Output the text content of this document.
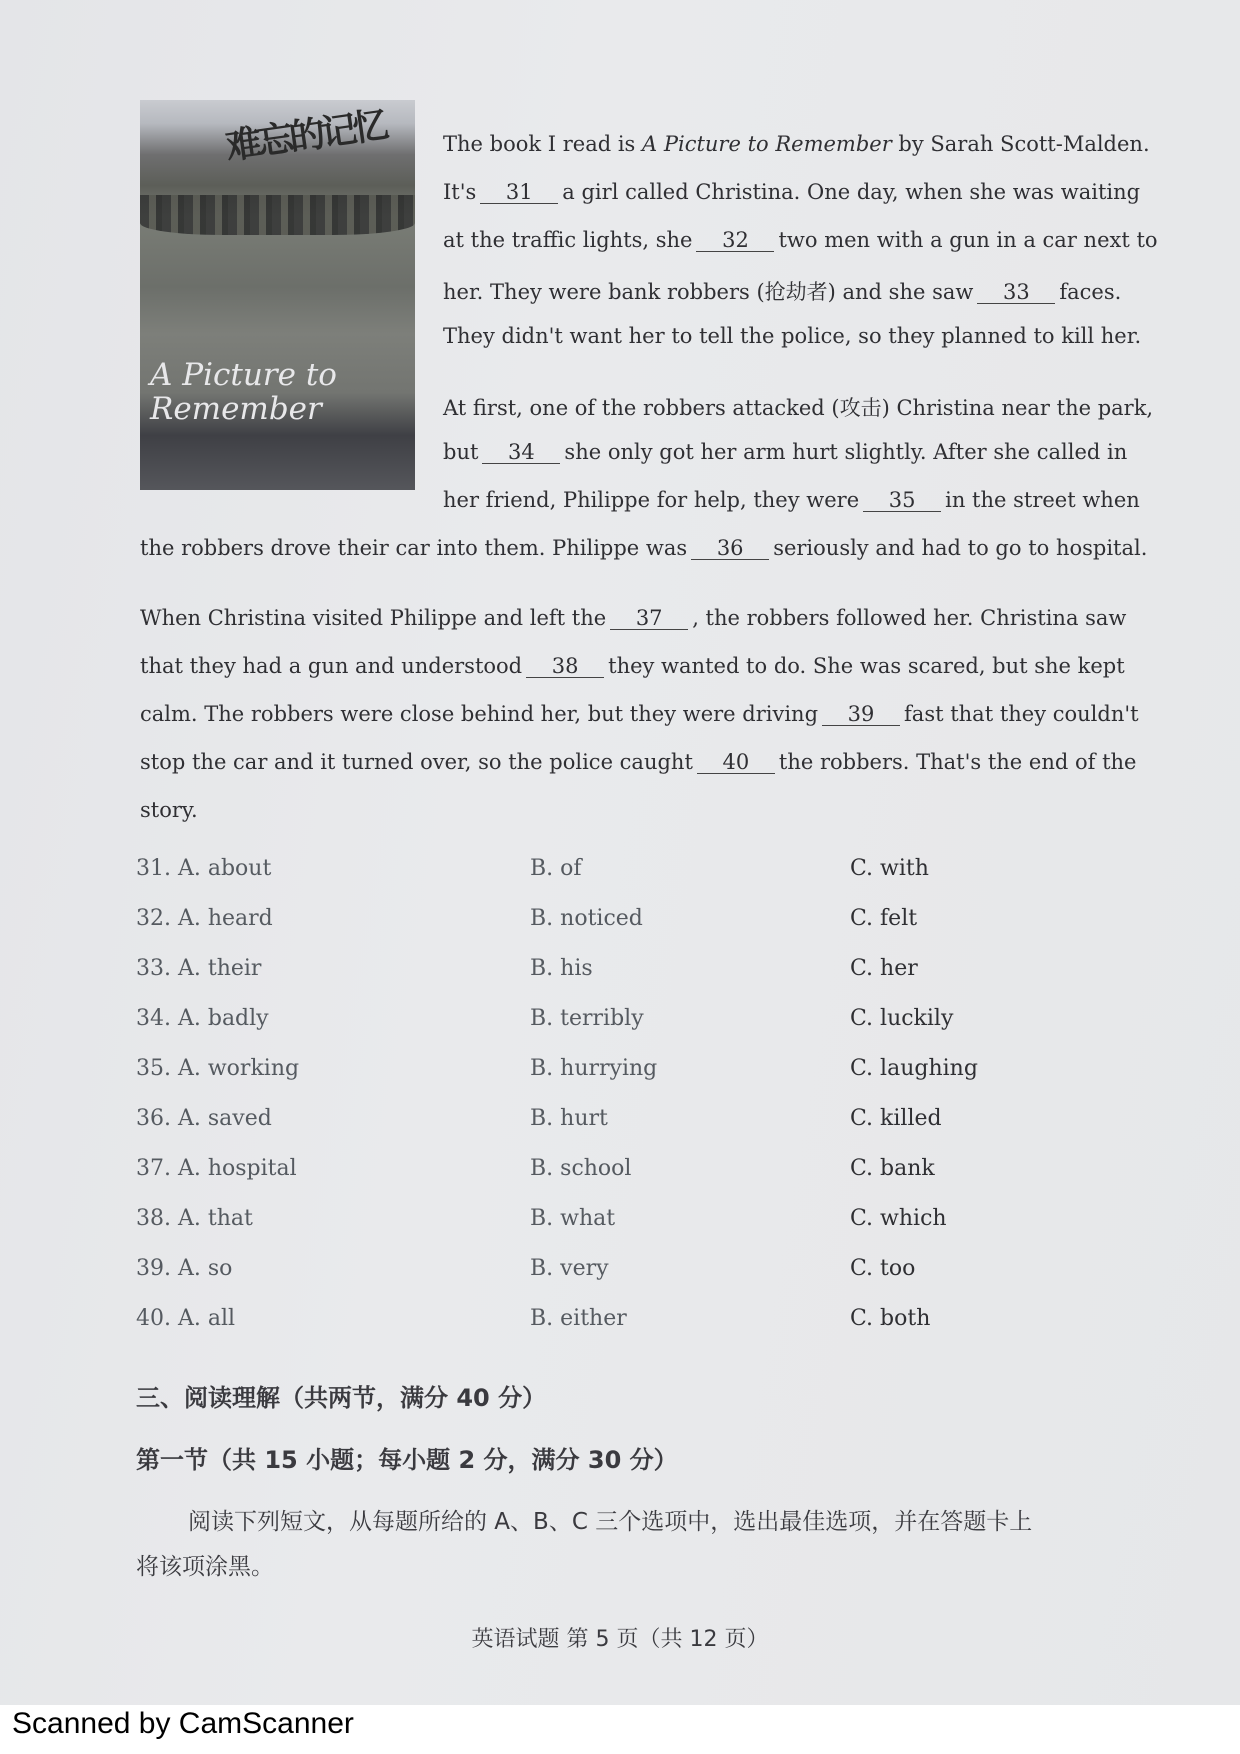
难忘的记忆
A Picture to
Remember
The book I read is A Picture to Remember by Sarah Scott-Malden.
It's 31 a girl called Christina. One day, when she was waiting
at the traffic lights, she 32 two men with a gun in a car next to
her. They were bank robbers (抢劫者) and she saw 33 faces.
They didn't want her to tell the police, so they planned to kill her.
At first, one of the robbers attacked (攻击) Christina near the park,
but 34 she only got her arm hurt slightly. After she called in
her friend, Philippe for help, they were 35 in the street when
the robbers drove their car into them. Philippe was 36 seriously and had to go to hospital.
When Christina visited Philippe and left the 37 , the robbers followed her. Christina saw
that they had a gun and understood 38 they wanted to do. She was scared, but she kept
calm. The robbers were close behind her, but they were driving 39 fast that they couldn't
stop the car and it turned over, so the police caught 40 the robbers. That's the end of the
story.
31. A. about	B. of	C. with
32. A. heard	B. noticed	C. felt
33. A. their	B. his	C. her
34. A. badly	B. terribly	C. luckily
35. A. working	B. hurrying	C. laughing
36. A. saved	B. hurt	C. killed
37. A. hospital	B. school	C. bank
38. A. that	B. what	C. which
39. A. so	B. very	C. too
40. A. all	B. either	C. both
三、阅读理解（共两节，满分 40 分）
第一节（共 15 小题；每小题 2 分，满分 30 分）
阅读下列短文，从每题所给的 A、B、C 三个选项中，选出最佳选项，并在答题卡上
将该项涂黑。
英语试题 第 5 页（共 12 页）
Scanned by CamScanner
